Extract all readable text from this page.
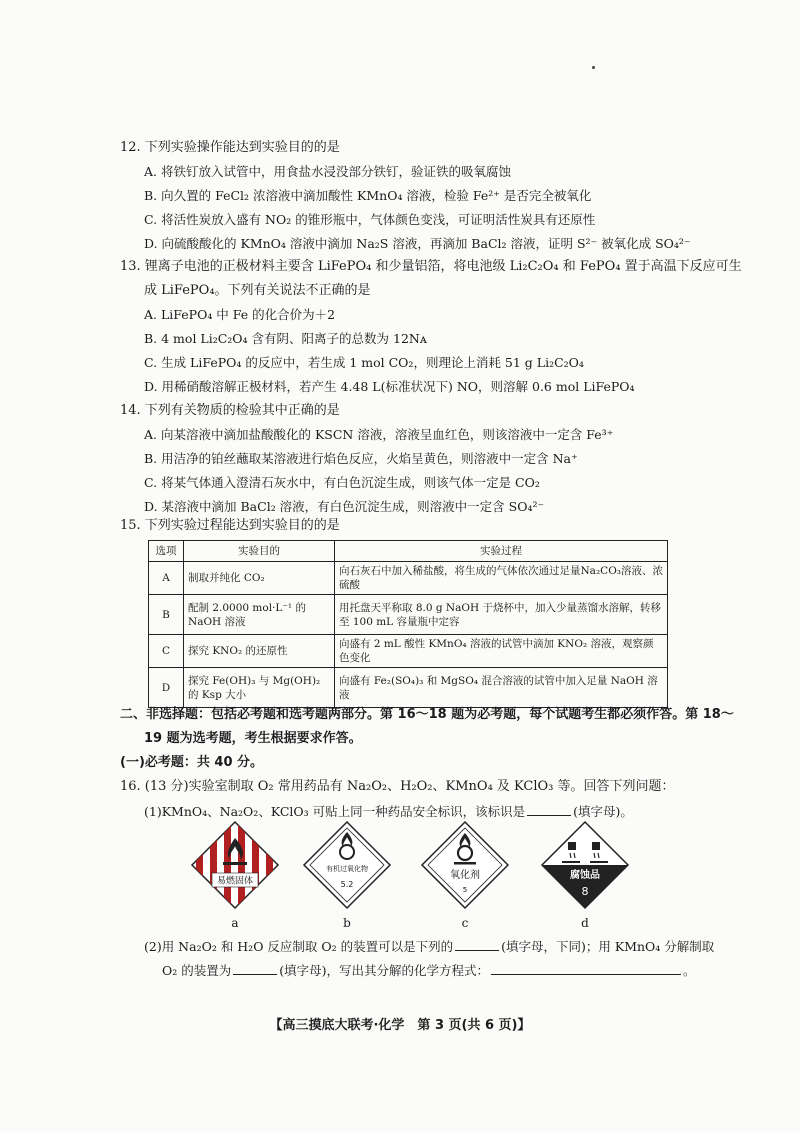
12. 下列实验操作能达到实验目的的是
A. 将铁钉放入试管中，用食盐水浸没部分铁钉，验证铁的吸氧腐蚀
B. 向久置的 FeCl₂ 浓溶液中滴加酸性 KMnO₄ 溶液，检验 Fe²⁺ 是否完全被氧化
C. 将活性炭放入盛有 NO₂ 的锥形瓶中，气体颜色变浅，可证明活性炭具有还原性
D. 向硫酸酸化的 KMnO₄ 溶液中滴加 Na₂S 溶液，再滴加 BaCl₂ 溶液，证明 S²⁻ 被氧化成 SO₄²⁻
13. 锂离子电池的正极材料主要含 LiFePO₄ 和少量铝箔，将电池级 Li₂C₂O₄ 和 FePO₄ 置于高温下反应可生
成 LiFePO₄。下列有关说法不正确的是
A. LiFePO₄ 中 Fe 的化合价为＋2
B. 4 mol Li₂C₂O₄ 含有阴、阳离子的总数为 12Nᴀ
C. 生成 LiFePO₄ 的反应中，若生成 1 mol CO₂，则理论上消耗 51 g Li₂C₂O₄
D. 用稀硝酸溶解正极材料，若产生 4.48 L(标准状况下) NO，则溶解 0.6 mol LiFePO₄
14. 下列有关物质的检验其中正确的是
A. 向某溶液中滴加盐酸酸化的 KSCN 溶液，溶液呈血红色，则该溶液中一定含 Fe³⁺
B. 用洁净的铂丝蘸取某溶液进行焰色反应，火焰呈黄色，则溶液中一定含 Na⁺
C. 将某气体通入澄清石灰水中，有白色沉淀生成，则该气体一定是 CO₂
D. 某溶液中滴加 BaCl₂ 溶液，有白色沉淀生成，则溶液中一定含 SO₄²⁻
15. 下列实验过程能达到实验目的的是
选项	实验目的	实验过程
A	制取并纯化 CO₂	向石灰石中加入稀盐酸，将生成的气体依次通过足量Na₂CO₃溶液、浓硫酸
B	配制 2.0000 mol·L⁻¹ 的 NaOH 溶液	用托盘天平称取 8.0 g NaOH 于烧杯中，加入少量蒸馏水溶解，转移至 100 mL 容量瓶中定容
C	探究 KNO₂ 的还原性	向盛有 2 mL 酸性 KMnO₄ 溶液的试管中滴加 KNO₂ 溶液，观察颜色变化
D	探究 Fe(OH)₃ 与 Mg(OH)₂ 的 Ksp 大小	向盛有 Fe₂(SO₄)₃ 和 MgSO₄ 混合溶液的试管中加入足量 NaOH 溶液
二、非选择题：包括必考题和选考题两部分。第 16～18 题为必考题，每个试题考生都必须作答。第 18～
19 题为选考题，考生根据要求作答。
(一)必考题：共 40 分。
16. (13 分)实验室制取 O₂ 常用药品有 Na₂O₂、H₂O₂、KMnO₄ 及 KClO₃ 等。回答下列问题：
(1)KMnO₄、Na₂O₂、KClO₃ 可贴上同一种药品安全标识，该标识是	(填字母)。
易燃固体
a
有机过氧化物
5.2
b
氧化剂
5
c
腐蚀品
8
d
(2)用 Na₂O₂ 和 H₂O 反应制取 O₂ 的装置可以是下列的	(填字母，下同)；用 KMnO₄ 分解制取
O₂ 的装置为	(填字母)，写出其分解的化学方程式：	。
【高三摸底大联考·化学　第 3 页(共 6 页)】
